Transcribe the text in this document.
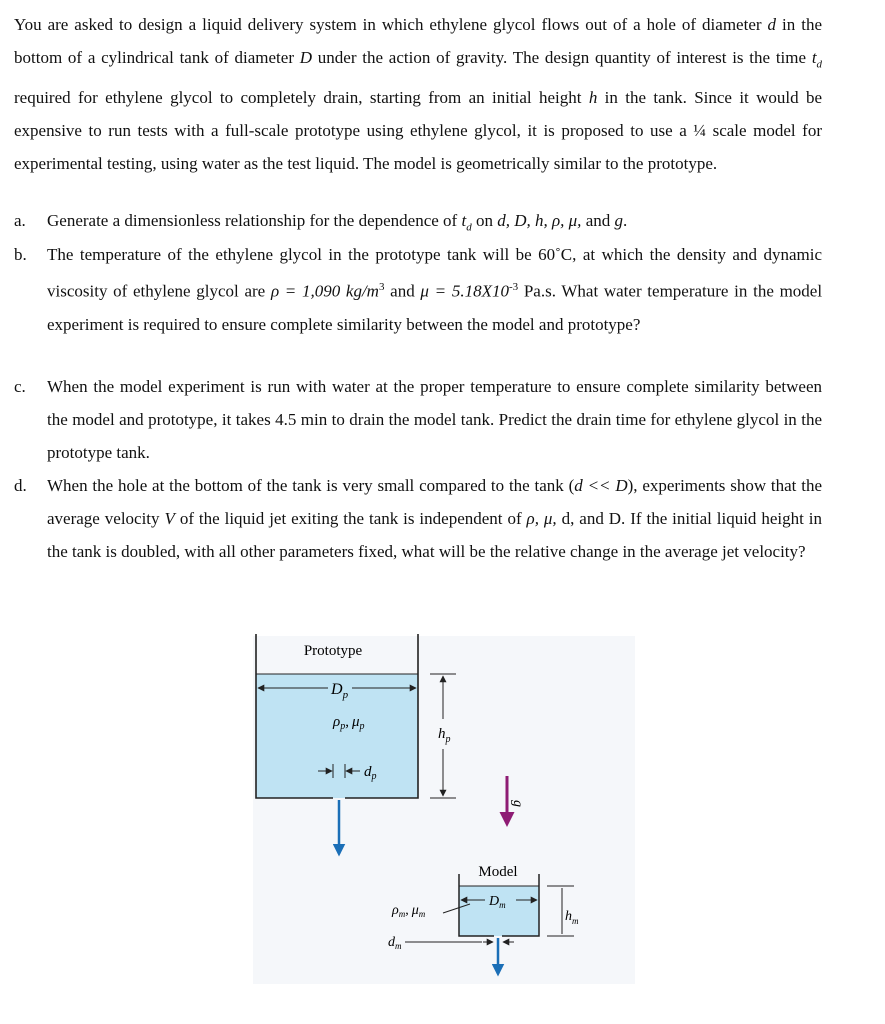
You are asked to design a liquid delivery system in which ethylene glycol flows out of a hole of diameter d in the bottom of a cylindrical tank of diameter D under the action of gravity. The design quantity of interest is the time $t_d$ required for ethylene glycol to completely drain, starting from an initial height h in the tank. Since it would be expensive to run tests with a full-scale prototype using ethylene glycol, it is proposed to use a ¼ scale model for experimental testing, using water as the test liquid. The model is geometrically similar to the prototype.
a. Generate a dimensionless relationship for the dependence of $t_d$ on d, D, h, ρ, μ, and g.
b. The temperature of the ethylene glycol in the prototype tank will be 60˚C, at which the density and dynamic viscosity of ethylene glycol are ρ = 1,090 $kg/m^3$ and $\mu = 5.18X10^{-3}$ Pa.s. What water temperature in the model experiment is required to ensure complete similarity between the model and prototype?
c. When the model experiment is run with water at the proper temperature to ensure complete similarity between the model and prototype, it takes 4.5 min to drain the model tank. Predict the drain time for ethylene glycol in the prototype tank.
d. When the hole at the bottom of the tank is very small compared to the tank (d << D), experiments show that the average velocity V of the liquid jet exiting the tank is independent of ρ, μ, d, and D. If the initial liquid height in the tank is doubled, with all other parameters fixed, what will be the relative change in the average jet velocity?
Prototype
$D_p$
$\rho_p$, $\mu_p$
$d_p$
$h_p$
g
Model
$D_m$
$h_m$
$\rho_m$, $\mu_m$
$d_m$
